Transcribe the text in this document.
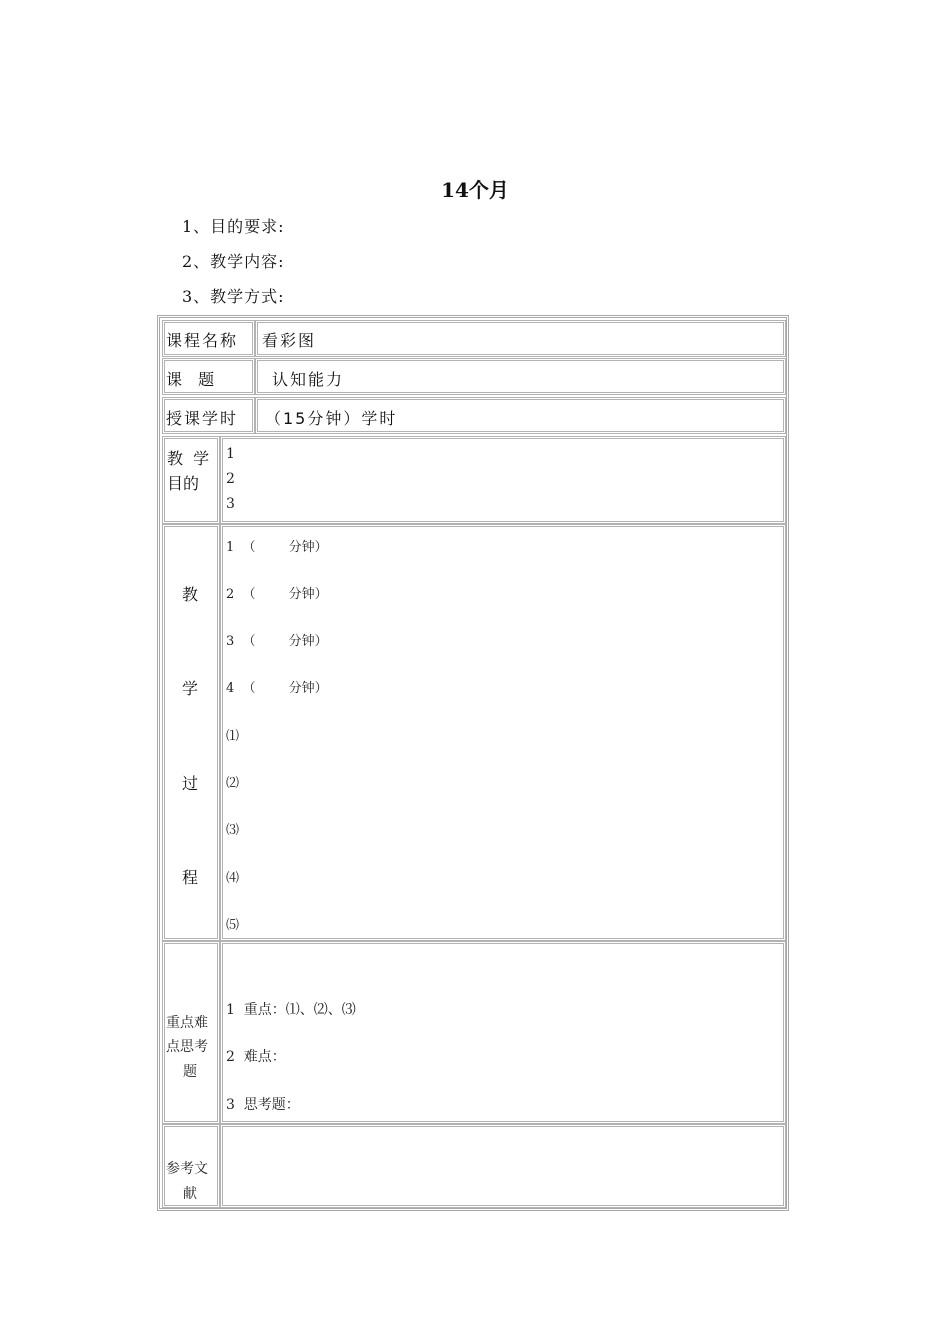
14个月
1、目的要求:
2、教学内容:
3、教学方式:
课程名称 看彩图
课  题	认知能力
授课学时 （15分钟）学时
教  学
目的
1
2
3
教
学
过
程
1  （        分钟）
2  （        分钟）
3  （        分钟）
4  （        分钟）
⑴
⑵
⑶
⑷
⑸
重点难
点思考
题
1  重点：⑴、⑵、⑶
2  难点：
3  思考题：
参考文
献
